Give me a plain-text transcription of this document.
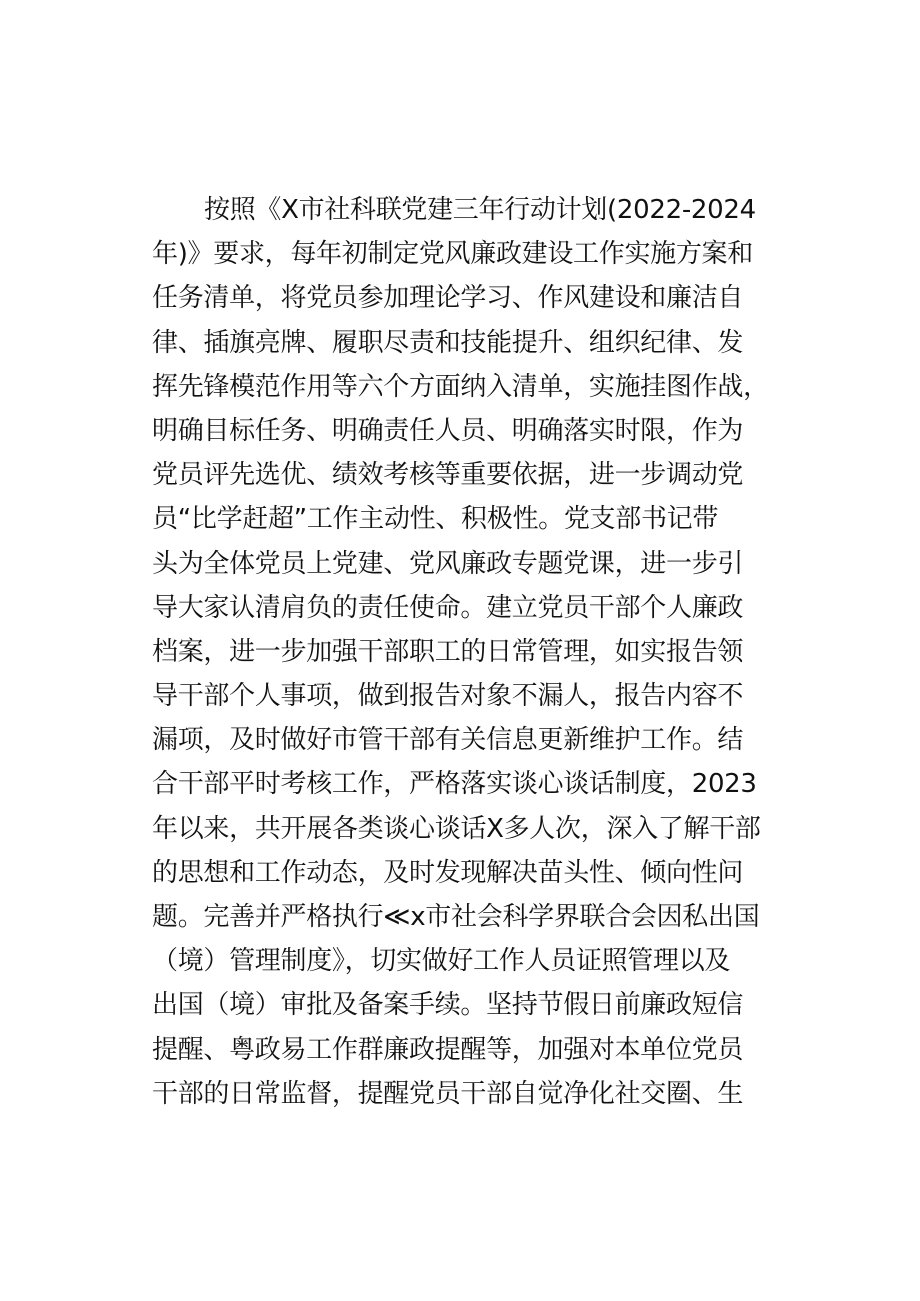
按照《X市社科联党建三年行动计划(2022-2024
年)》要求，每年初制定党风廉政建设工作实施方案和
任务清单，将党员参加理论学习、作风建设和廉洁自
律、插旗亮牌、履职尽责和技能提升、组织纪律、发
挥先锋模范作用等六个方面纳入清单，实施挂图作战，
明确目标任务、明确责任人员、明确落实时限，作为
党员评先选优、绩效考核等重要依据，进一步调动党
员“比学赶超”工作主动性、积极性。党支部书记带
头为全体党员上党建、党风廉政专题党课，进一步引
导大家认清肩负的责任使命。建立党员干部个人廉政
档案，进一步加强干部职工的日常管理，如实报告领
导干部个人事项，做到报告对象不漏人，报告内容不
漏项，及时做好市管干部有关信息更新维护工作。结
合干部平时考核工作，严格落实谈心谈话制度，2023
年以来，共开展各类谈心谈话X多人次，深入了解干部
的思想和工作动态，及时发现解决苗头性、倾向性问
题。完善并严格执行≪x市社会科学界联合会因私出国
（境）管理制度》，切实做好工作人员证照管理以及
出国（境）审批及备案手续。坚持节假日前廉政短信
提醒、粤政易工作群廉政提醒等，加强对本单位党员
干部的日常监督，提醒党员干部自觉净化社交圈、生
